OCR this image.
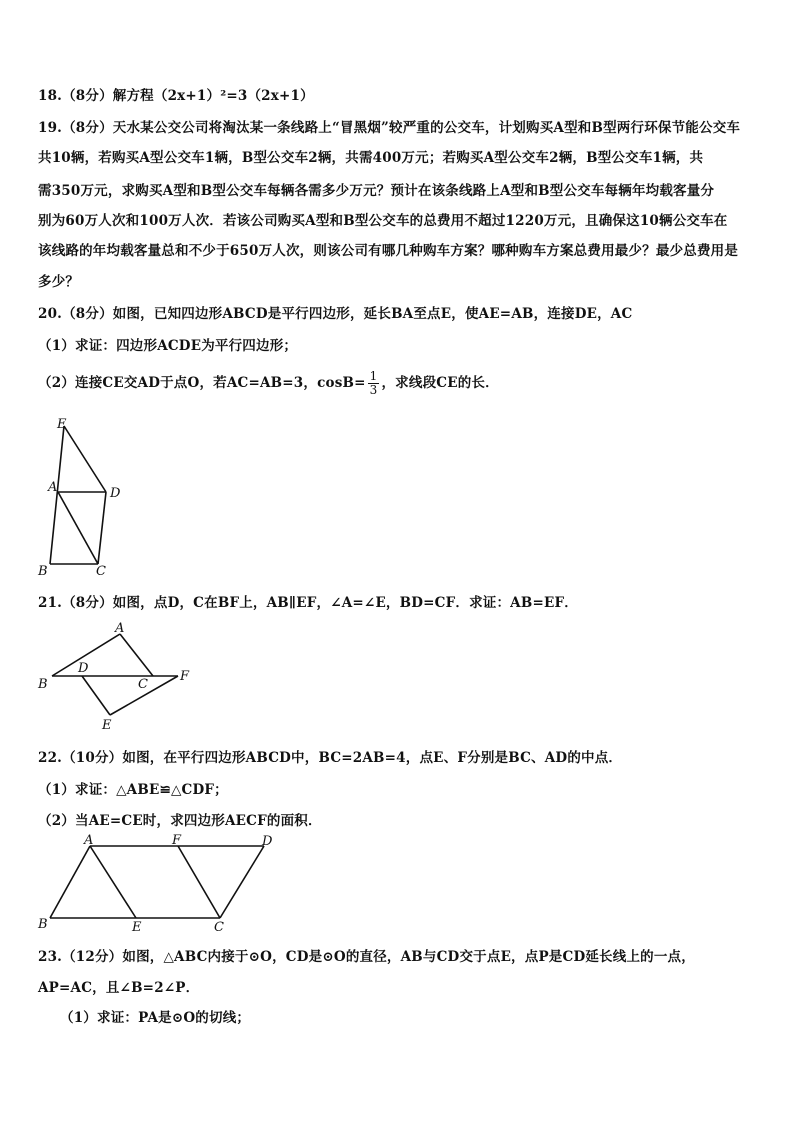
18.（8分）解方程（2x+1）²=3（2x+1）
19.（8分）天水某公交公司将淘汰某一条线路上“冒黑烟”较严重的公交车，计划购买A型和B型两行环保节能公交车
共10辆，若购买A型公交车1辆，B型公交车2辆，共需400万元；若购买A型公交车2辆，B型公交车1辆，共
需350万元，求购买A型和B型公交车每辆各需多少万元？预计在该条线路上A型和B型公交车每辆年均载客量分
别为60万人次和100万人次．若该公司购买A型和B型公交车的总费用不超过1220万元，且确保这10辆公交车在
该线路的年均载客量总和不少于650万人次，则该公司有哪几种购车方案？哪种购车方案总费用最少？最少总费用是
多少？
20.（8分）如图，已知四边形ABCD是平行四边形，延长BA至点E，使AE=AB，连接DE，AC
（1）求证：四边形ACDE为平行四边形；
（2）连接CE交AD于点O，若AC=AB=3，$\cos B= \frac{1}{3}$ ，求线段CE的长．
E
A	D
B	C
21.（8分）如图，点D，C在BF上，AB∥EF，∠A=∠E，BD=CF．求证：AB=EF．
A
D
B	C
F
E
22.（10分）如图，在平行四边形ABCD中，BC=2AB=4，点E、F分别是BC、AD的中点．
（1）求证：△ABE≌△CDF；
（2）当AE=CE时，求四边形AECF的面积．
A	F	D
B	E	C
23.（12分）如图，△ABC内接于⊙O，CD是⊙O的直径，AB与CD交于点E，点P是CD延长线上的一点，
AP=AC，且∠B=2∠P．
（1）求证：PA是⊙O的切线；
